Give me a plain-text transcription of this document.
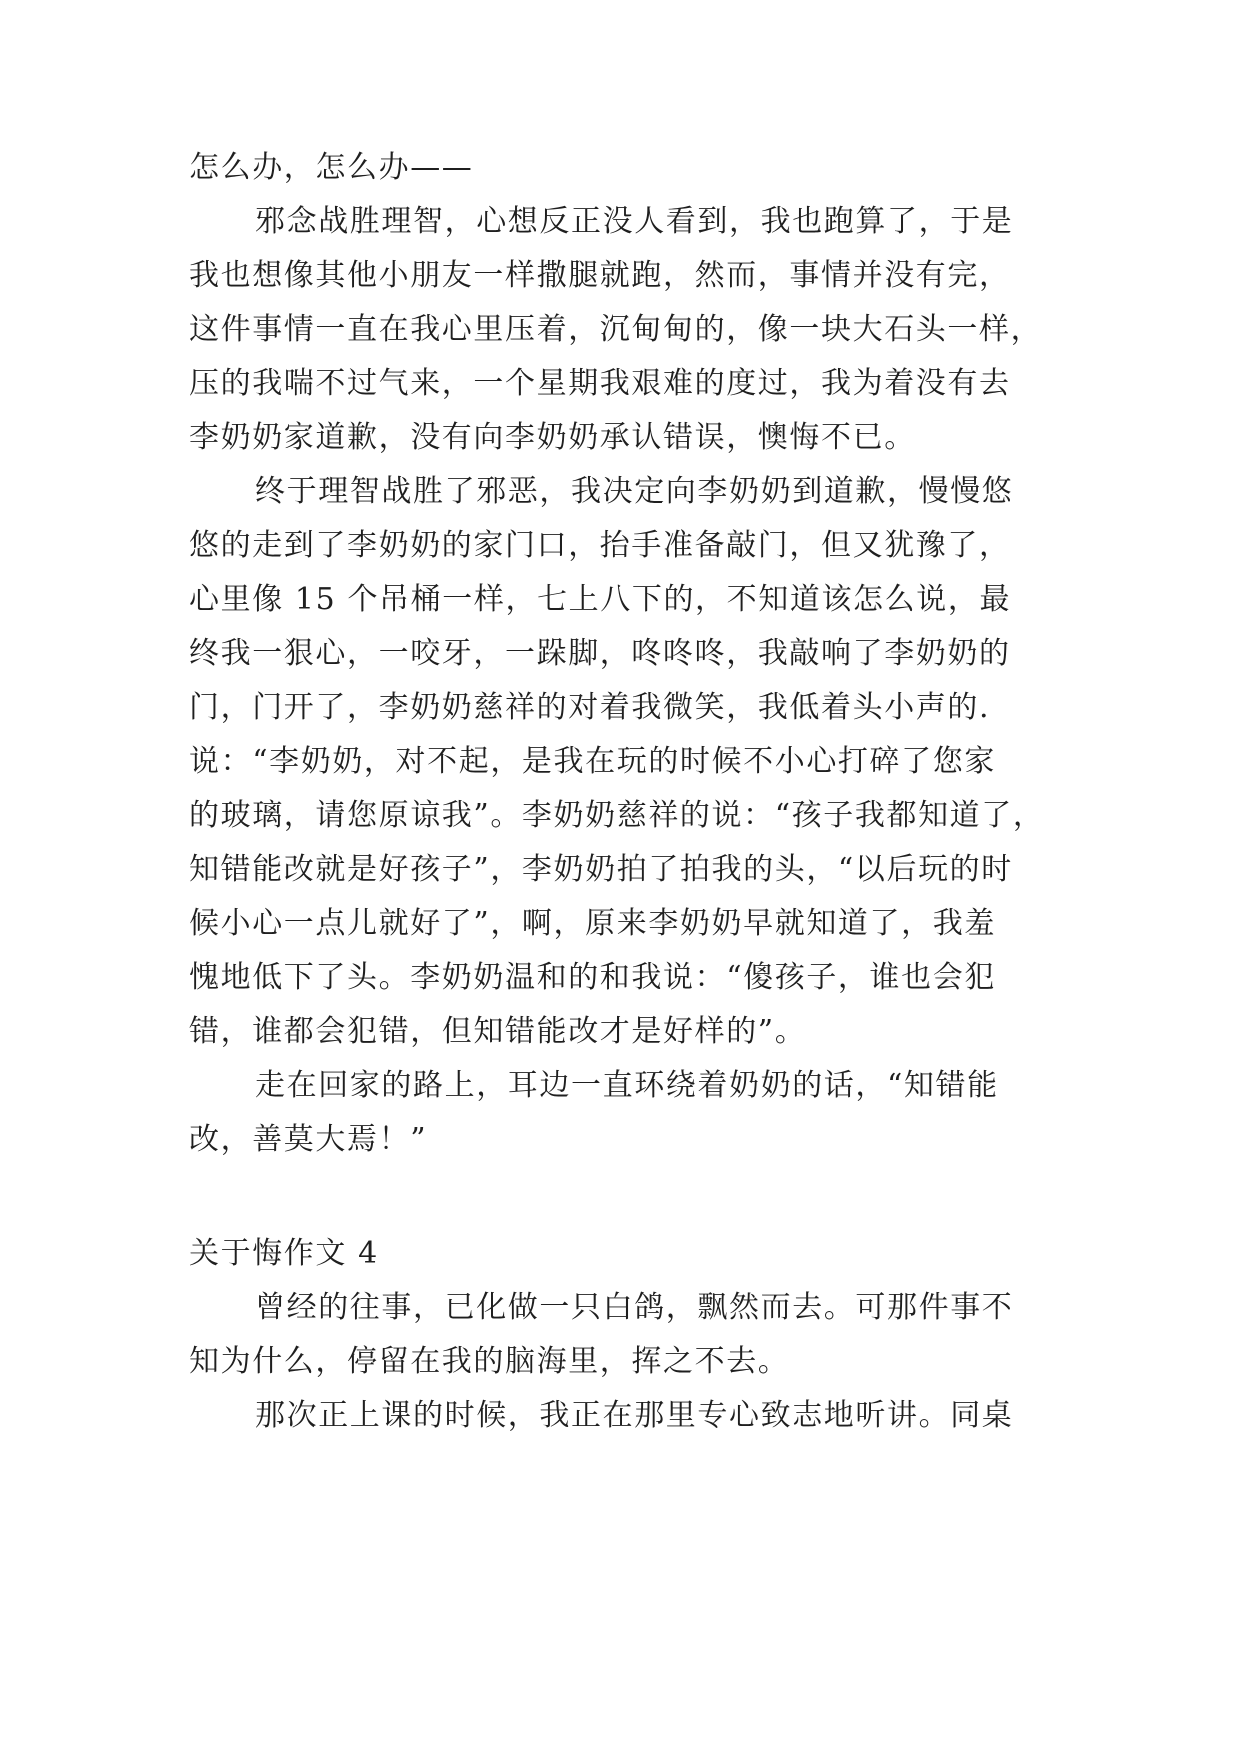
怎么办，怎么办——
邪念战胜理智，心想反正没人看到，我也跑算了，于是
我也想像其他小朋友一样撒腿就跑，然而，事情并没有完，
这件事情一直在我心里压着，沉甸甸的，像一块大石头一样，
压的我喘不过气来，一个星期我艰难的度过，我为着没有去
李奶奶家道歉，没有向李奶奶承认错误，懊悔不已。
终于理智战胜了邪恶，我决定向李奶奶到道歉，慢慢悠
悠的走到了李奶奶的家门口，抬手准备敲门，但又犹豫了，
心里像 15 个吊桶一样，七上八下的，不知道该怎么说，最
终我一狠心，一咬牙，一跺脚，咚咚咚，我敲响了李奶奶的
门，门开了，李奶奶慈祥的对着我微笑，我低着头小声的.
说：“李奶奶，对不起，是我在玩的时候不小心打碎了您家
的玻璃，请您原谅我”。李奶奶慈祥的说：“孩子我都知道了，
知错能改就是好孩子”，李奶奶拍了拍我的头，“以后玩的时
候小心一点儿就好了”，啊，原来李奶奶早就知道了，我羞
愧地低下了头。李奶奶温和的和我说：“傻孩子，谁也会犯
错，谁都会犯错，但知错能改才是好样的”。
走在回家的路上，耳边一直环绕着奶奶的话，“知错能
改，善莫大焉！”
关于悔作文 4
曾经的往事，已化做一只白鸽，飘然而去。可那件事不
知为什么，停留在我的脑海里，挥之不去。
那次正上课的时候，我正在那里专心致志地听讲。同桌
